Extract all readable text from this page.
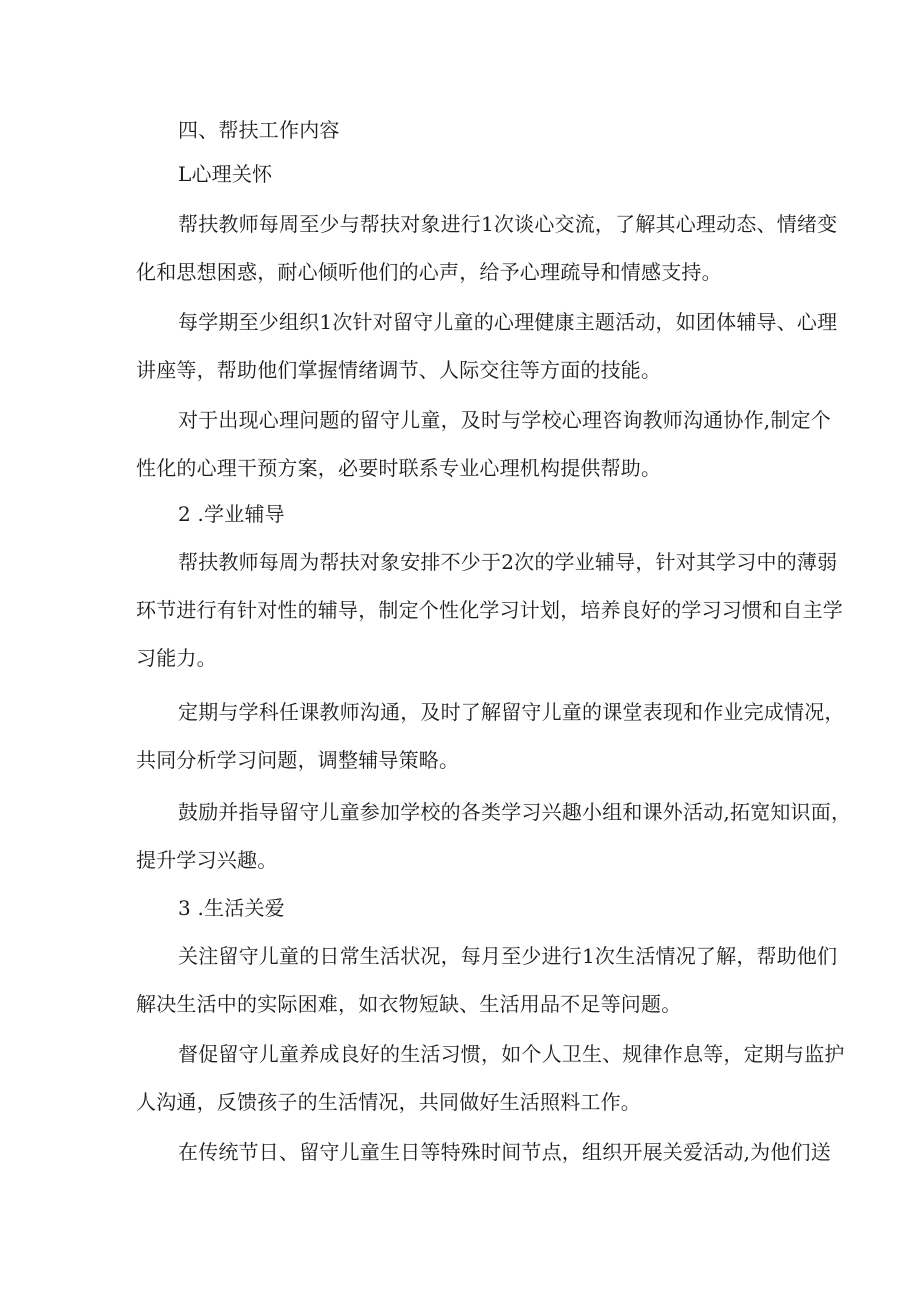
四、帮扶工作内容
L心理关怀
帮扶教师每周至少与帮扶对象进行1次谈心交流，了解其心理动态、情绪变
化和思想困惑，耐心倾听他们的心声，给予心理疏导和情感支持。
每学期至少组织1次针对留守儿童的心理健康主题活动，如团体辅导、心理
讲座等，帮助他们掌握情绪调节、人际交往等方面的技能。
对于出现心理问题的留守儿童，及时与学校心理咨询教师沟通协作,制定个
性化的心理干预方案，必要时联系专业心理机构提供帮助。
2 .学业辅导
帮扶教师每周为帮扶对象安排不少于2次的学业辅导，针对其学习中的薄弱
环节进行有针对性的辅导，制定个性化学习计划，培养良好的学习习惯和自主学
习能力。
定期与学科任课教师沟通，及时了解留守儿童的课堂表现和作业完成情况，
共同分析学习问题，调整辅导策略。
鼓励并指导留守儿童参加学校的各类学习兴趣小组和课外活动,拓宽知识面，
提升学习兴趣。
3 .生活关爱
关注留守儿童的日常生活状况，每月至少进行1次生活情况了解，帮助他们
解决生活中的实际困难，如衣物短缺、生活用品不足等问题。
督促留守儿童养成良好的生活习惯，如个人卫生、规律作息等，定期与监护
人沟通，反馈孩子的生活情况，共同做好生活照料工作。
在传统节日、留守儿童生日等特殊时间节点，组织开展关爱活动,为他们送
